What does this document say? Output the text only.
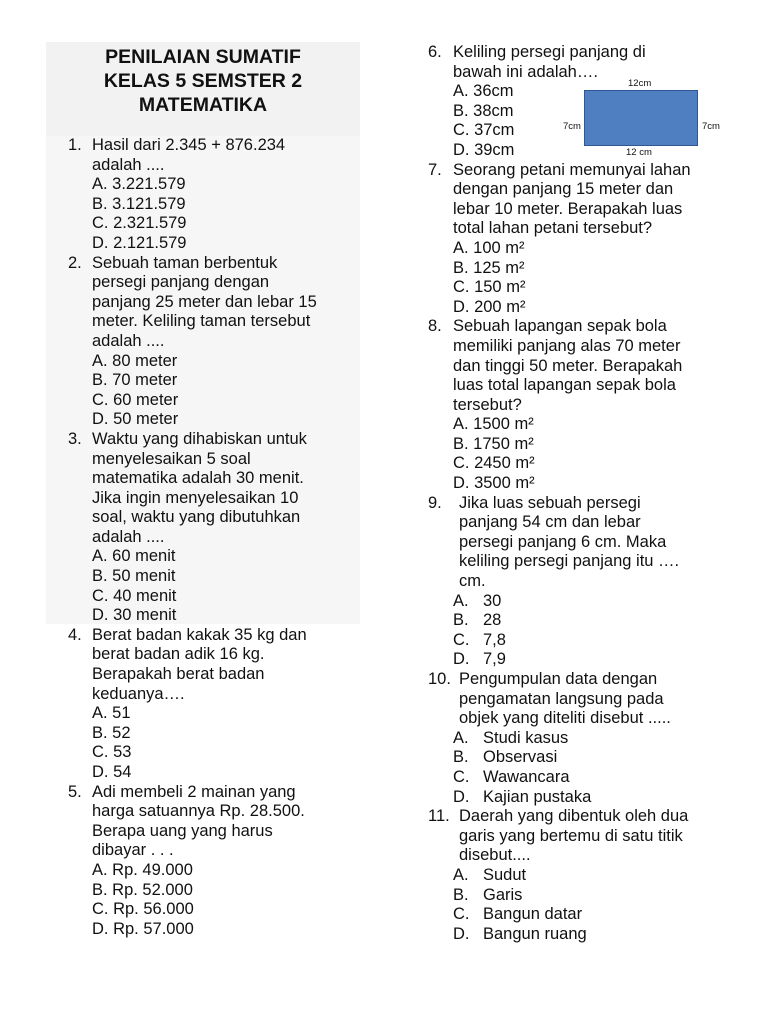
PENILAIAN SUMATIF
KELAS 5 SEMSTER 2
MATEMATIKA
1. Hasil dari 2.345 + 876.234
adalah ....
A. 3.221.579
B. 3.121.579
C. 2.321.579
D. 2.121.579
2. Sebuah taman berbentuk
persegi panjang dengan
panjang 25 meter dan lebar 15
meter. Keliling taman tersebut
adalah ....
A. 80 meter
B. 70 meter
C. 60 meter
D. 50 meter
3. Waktu yang dihabiskan untuk
menyelesaikan 5 soal
matematika adalah 30 menit.
Jika ingin menyelesaikan 10
soal, waktu yang dibutuhkan
adalah ....
A. 60 menit
B. 50 menit
C. 40 menit
D. 30 menit
4. Berat badan kakak 35 kg dan
berat badan adik 16 kg.
Berapakah berat badan
keduanya….
A. 51
B. 52
C. 53
D. 54
5. Adi membeli 2 mainan yang
harga satuannya Rp. 28.500.
Berapa uang yang harus
dibayar . . .
A. Rp. 49.000
B. Rp. 52.000
C. Rp. 56.000
D. Rp. 57.000
6. Keliling persegi panjang di
bawah ini adalah….
A. 36cm
B. 38cm
C. 37cm
D. 39cm
7. Seorang petani memunyai lahan
dengan panjang 15 meter dan
lebar 10 meter. Berapakah luas
total lahan petani tersebut?
A. 100 m²
B. 125 m²
C. 150 m²
D. 200 m²
8. Sebuah lapangan sepak bola
memiliki panjang alas 70 meter
dan tinggi 50 meter. Berapakah
luas total lapangan sepak bola
tersebut?
A. 1500 m²
B. 1750 m²
C. 2450 m²
D. 3500 m²
9.	Jika luas sebuah persegi
panjang 54 cm dan lebar
persegi panjang 6 cm. Maka
keliling persegi panjang itu ….
cm.
A. 30
B. 28
C. 7,8
D. 7,9
10. Pengumpulan data dengan
pengamatan langsung pada
objek yang diteliti disebut .....
A. Studi kasus
B. Observasi
C. Wawancara
D. Kajian pustaka
11. Daerah yang dibentuk oleh dua
garis yang bertemu di satu titik
disebut....
A. Sudut
B. Garis
C. Bangun datar
D. Bangun ruang
12cm
7cm	7cm
12 cm
